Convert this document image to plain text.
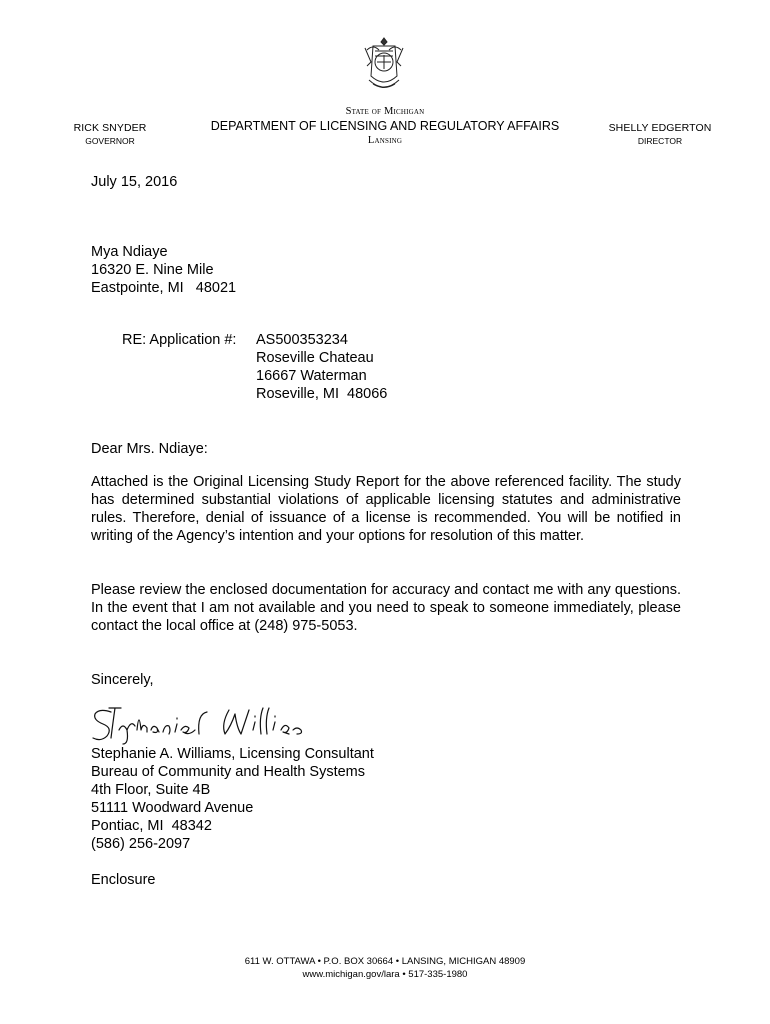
RICK SNYDER
GOVERNOR
State of Michigan
DEPARTMENT OF LICENSING AND REGULATORY AFFAIRS
Lansing
SHELLY EDGERTON
DIRECTOR
July 15, 2016
Mya Ndiaye
16320 E. Nine Mile
Eastpointe, MI   48021
RE: Application #: AS500353234
Roseville Chateau
16667 Waterman
Roseville, MI  48066
Dear Mrs. Ndiaye:
Attached is the Original Licensing Study Report for the above referenced facility. The study has determined substantial violations of applicable licensing statutes and administrative rules. Therefore, denial of issuance of a license is recommended. You will be notified in writing of the Agency’s intention and your options for resolution of this matter.
Please review the enclosed documentation for accuracy and contact me with any questions. In the event that I am not available and you need to speak to someone immediately, please contact the local office at (248) 975-5053.
Sincerely,
Stephanie A. Williams, Licensing Consultant
Bureau of Community and Health Systems
4th Floor, Suite 4B
51111 Woodward Avenue
Pontiac, MI  48342
(586) 256-2097
Enclosure
611 W. OTTAWA • P.O. BOX 30664 • LANSING, MICHIGAN 48909
www.michigan.gov/lara • 517-335-1980
